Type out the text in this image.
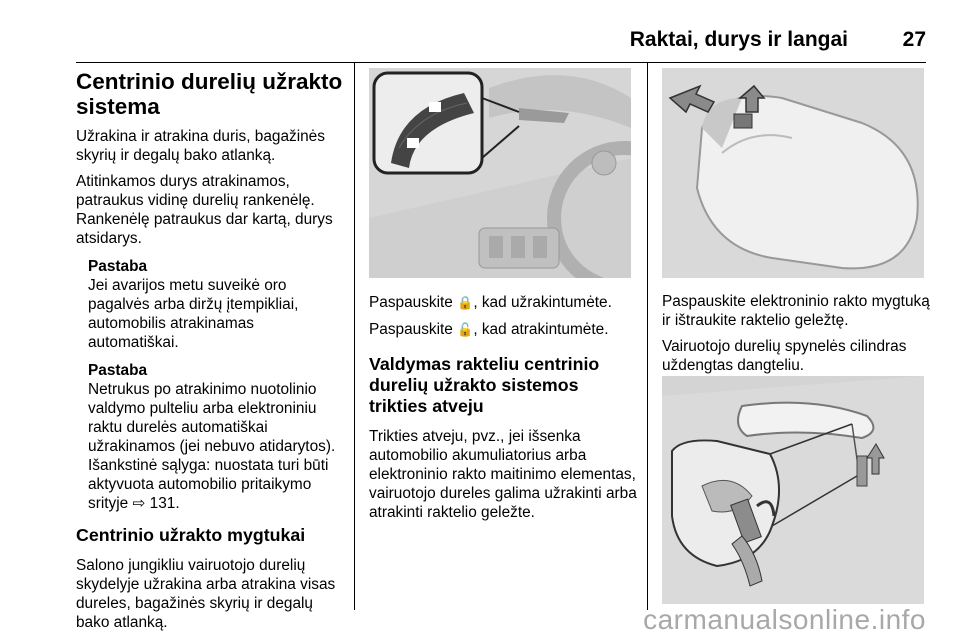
Raktai, durys ir langai	27
Centrinio durelių užrakto sistema

Užrakina ir atrakina duris, bagažinės skyrių ir degalų bako atlanką.

Atitinkamos durys atrakinamos, patraukus vidinę durelių rankenėlę. Rankenėlę patraukus dar kartą, durys atsidarys.

Pastaba

Jei avarijos metu suveikė oro pagalvės arba diržų įtempikliai, automobilis atrakinamas automatiškai.

Pastaba

Netrukus po atrakinimo nuotolinio valdymo pulteliu arba elektroniniu raktu durelės automatiškai užrakinamos (jei nebuvo atidarytos). Išankstinė sąlyga: nuostata turi būti aktyvuota automobilio pritaikymo srityje ⇨ 131.

Centrinio užrakto mygtukai

Salono jungikliu vairuotojo durelių skydelyje užrakina arba atrakina visas dureles, bagažinės skyrių ir degalų bako atlanką.

Paspauskite 🔒, kad užrakintumėte.

Paspauskite 🔓, kad atrakintumėte.

Valdymas rakteliu centrinio durelių užrakto sistemos trikties atveju

Trikties atveju, pvz., jei išsenka automobilio akumuliatorius arba elektroninio rakto maitinimo elementas, vairuotojo dureles galima užrakinti arba atrakinti raktelio geležte.

Paspauskite elektroninio rakto mygtuką ir ištraukite raktelio geležtę.

Vairuotojo durelių spynelės cilindras uždengtas dangteliu.

carmanualsonline.info
